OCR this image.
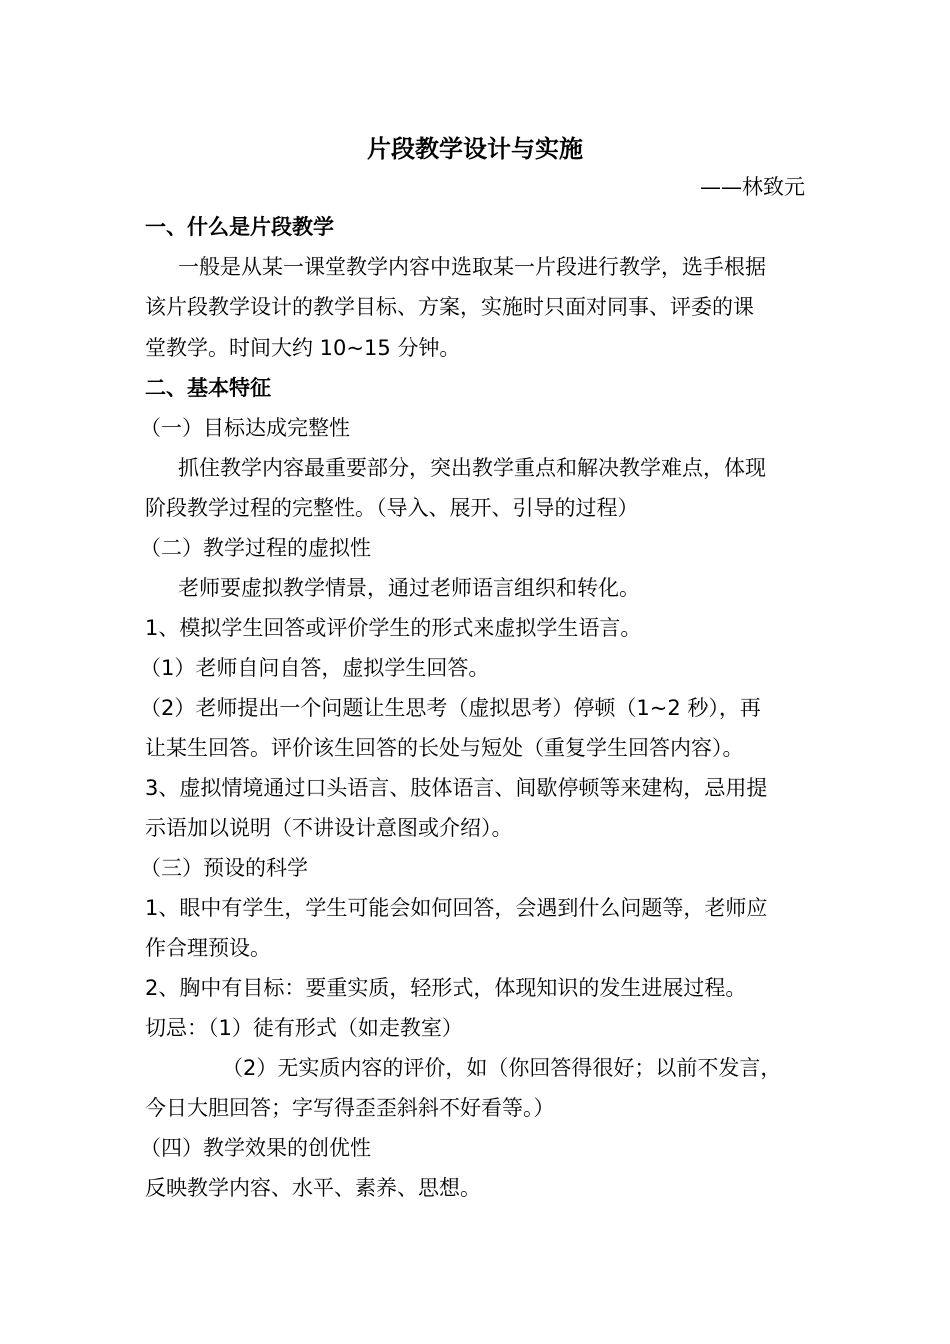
片段教学设计与实施
——林致元
一、什么是片段教学
一般是从某一课堂教学内容中选取某一片段进行教学，选手根据
该片段教学设计的教学目标、方案，实施时只面对同事、评委的课
堂教学。时间大约 10~15 分钟。
二、基本特征
（一）目标达成完整性
抓住教学内容最重要部分，突出教学重点和解决教学难点，体现
阶段教学过程的完整性。（导入、展开、引导的过程）
（二）教学过程的虚拟性
老师要虚拟教学情景，通过老师语言组织和转化。
1、模拟学生回答或评价学生的形式来虚拟学生语言。
（1）老师自问自答，虚拟学生回答。
（2）老师提出一个问题让生思考（虚拟思考）停顿（1~2 秒），再
让某生回答。评价该生回答的长处与短处（重复学生回答内容）。
3、虚拟情境通过口头语言、肢体语言、间歇停顿等来建构，忌用提
示语加以说明（不讲设计意图或介绍）。
（三）预设的科学
1、眼中有学生，学生可能会如何回答，会遇到什么问题等，老师应
作合理预设。
2、胸中有目标：要重实质，轻形式，体现知识的发生进展过程。
切忌：（1）徒有形式（如走教室）
（2）无实质内容的评价，如（你回答得很好；以前不发言，
今日大胆回答；字写得歪歪斜斜不好看等。）
（四）教学效果的创优性
反映教学内容、水平、素养、思想。
